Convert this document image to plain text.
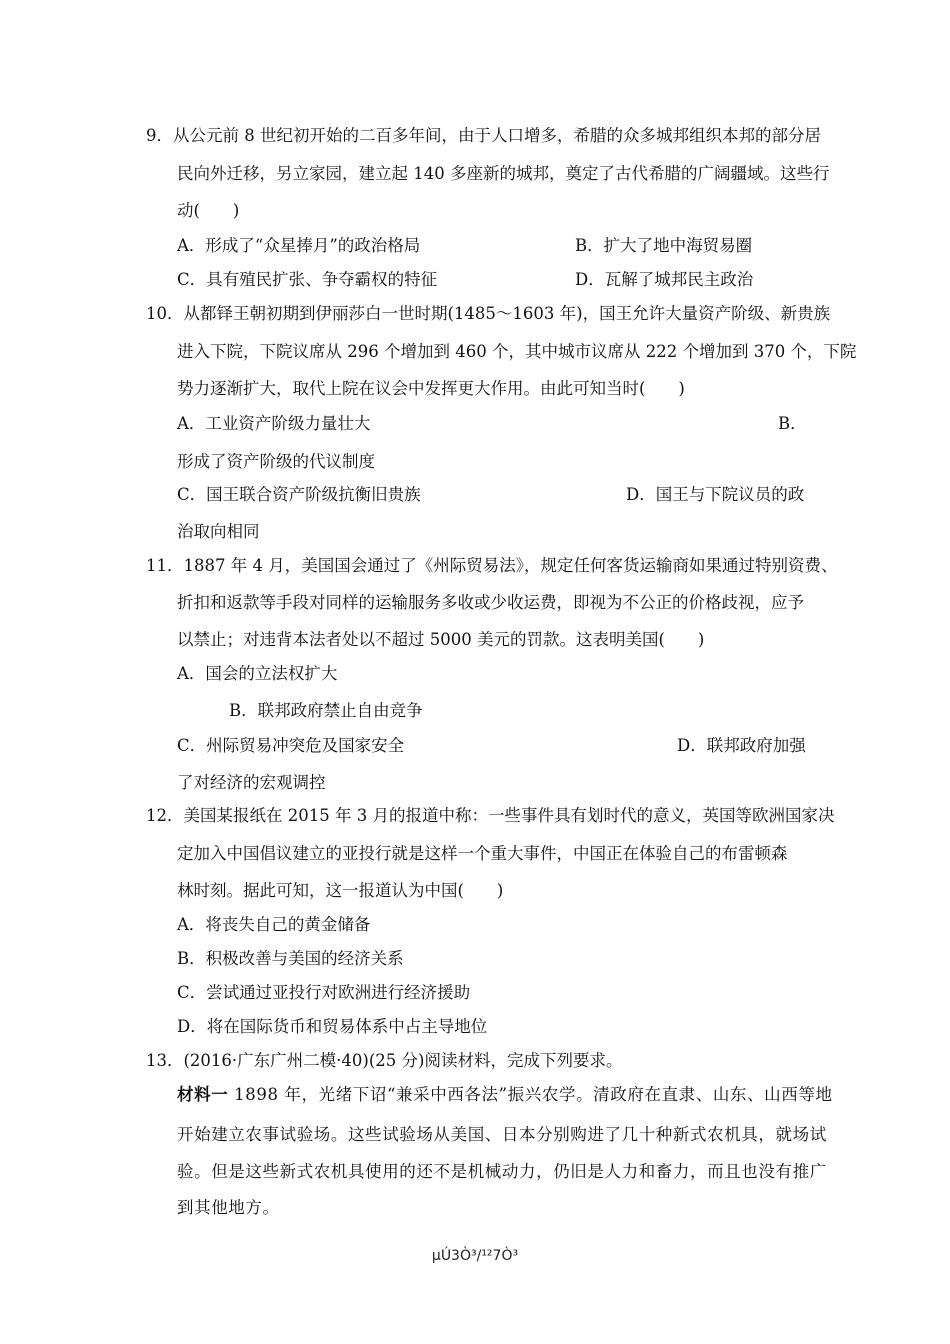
9．从公元前 8 世纪初开始的二百多年间，由于人口增多，希腊的众多城邦组织本邦的部分居
民向外迁移，另立家园，建立起 140 多座新的城邦，奠定了古代希腊的广阔疆域。这些行
动(　　)
A．形成了“众星捧月”的政治格局	B．扩大了地中海贸易圈
C．具有殖民扩张、争夺霸权的特征	D．瓦解了城邦民主政治
10．从都铎王朝初期到伊丽莎白一世时期(1485～1603 年)，国王允许大量资产阶级、新贵族
进入下院，下院议席从 296 个增加到 460 个，其中城市议席从 222 个增加到 370 个，下院
势力逐渐扩大，取代上院在议会中发挥更大作用。由此可知当时(　　)
A．工业资产阶级力量壮大	B．
形成了资产阶级的代议制度
C．国王联合资产阶级抗衡旧贵族	D．国王与下院议员的政
治取向相同
11．1887 年 4 月，美国国会通过了《州际贸易法》，规定任何客货运输商如果通过特别资费、
折扣和返款等手段对同样的运输服务多收或少收运费，即视为不公正的价格歧视，应予
以禁止；对违背本法者处以不超过 5000 美元的罚款。这表明美国(　　)
A．国会的立法权扩大
B．联邦政府禁止自由竞争
C．州际贸易冲突危及国家安全	D．联邦政府加强
了对经济的宏观调控
12．美国某报纸在 2015 年 3 月的报道中称：一些事件具有划时代的意义，英国等欧洲国家决
定加入中国倡议建立的亚投行就是这样一个重大事件，中国正在体验自己的布雷顿森
林时刻。据此可知，这一报道认为中国(　　)
A．将丧失自己的黄金储备
B．积极改善与美国的经济关系
C．尝试通过亚投行对欧洲进行经济援助
D．将在国际货币和贸易体系中占主导地位
13．(2016·广东广州二模·40)(25 分)阅读材料，完成下列要求。
材料一 1898 年，光绪下诏“兼采中西各法”振兴农学。清政府在直隶、山东、山西等地
开始建立农事试验场。这些试验场从美国、日本分别购进了几十种新式农机具，就场试
验。但是这些新式农机具使用的还不是机械动力，仍旧是人力和畜力，而且也没有推广
到其他地方。
µÚ3Ò³/¹²7Ò³
